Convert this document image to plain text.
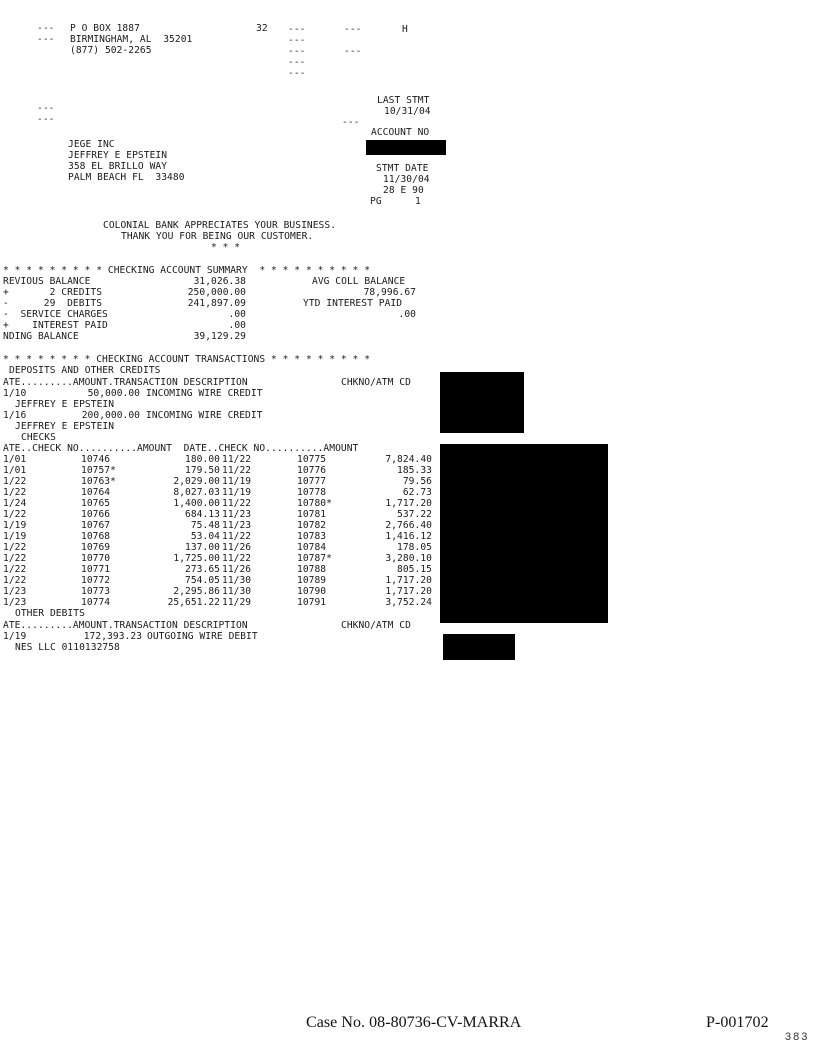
--- P O BOX 1887
--- BIRMINGHAM, AL  35201
(877) 502-2265
32 ---	---	H
---
---	---
---
---
LAST STMT
10/31/04
---
---	---
ACCOUNT NO
STMT DATE
11/30/04
28 E 90
PG	1
JEGE INC
JEFFREY E EPSTEIN
358 EL BRILLO WAY
PALM BEACH FL  33480
COLONIAL BANK APPRECIATES YOUR BUSINESS.
THANK YOU FOR BEING OUR CUSTOMER.
* * *
* * * * * * * * * CHECKING ACCOUNT SUMMARY  * * * * * * * * * *
REVIOUS BALANCE	31,026.38
+       2 CREDITS	250,000.00
-      29  DEBITS	241,897.09
-  SERVICE CHARGES	.00
+    INTEREST PAID	.00
NDING BALANCE	39,129.29
AVG COLL BALANCE
78,996.67
YTD INTEREST PAID
.00
* * * * * * * * CHECKING ACCOUNT TRANSACTIONS * * * * * * * * *
DEPOSITS AND OTHER CREDITS
ATE.........AMOUNT.TRANSACTION DESCRIPTION	CHKNO/ATM CD
1/10	50,000.00 INCOMING WIRE CREDIT
JEFFREY E EPSTEIN
1/16	200,000.00 INCOMING WIRE CREDIT
JEFFREY E EPSTEIN
CHECKS
ATE..CHECK NO..........AMOUNT  DATE..CHECK NO..........AMOUNT
1/01	10746	180.00 11/22	10775	7,824.40
1/01	10757*	179.50 11/22	10776	185.33
1/22	10763*	2,029.00 11/19	10777	79.56
1/22	10764	8,027.03 11/19	10778	62.73
1/24	10765	1,400.00 11/22	10780*	1,717.20
1/22	10766	684.13 11/23	10781	537.22
1/19	10767	75.48 11/23	10782	2,766.40
1/19	10768	53.04 11/22	10783	1,416.12
1/22	10769	137.00 11/26	10784	178.05
1/22	10770	1,725.00 11/22	10787*	3,280.10
1/22	10771	273.65 11/26	10788	805.15
1/22	10772	754.05 11/30	10789	1,717.20
1/23	10773	2,295.86 11/30	10790	1,717.20
1/23	10774	25,651.22 11/29	10791	3,752.24
OTHER DEBITS
ATE.........AMOUNT.TRANSACTION DESCRIPTION	CHKNO/ATM CD
1/19	172,393.23 OUTGOING WIRE DEBIT
NES LLC 0110132758
Case No. 08-80736-CV-MARRA	P-001702
383
